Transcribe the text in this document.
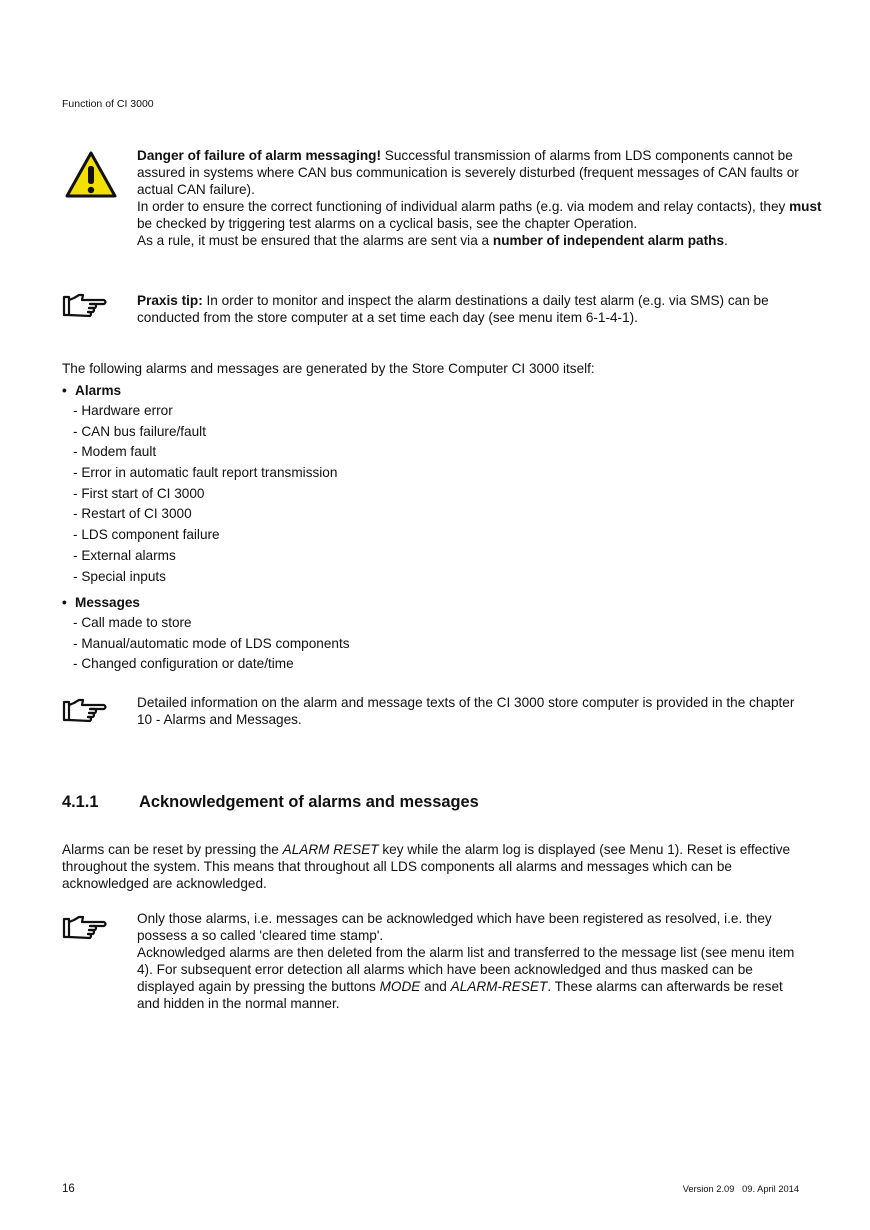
Function of CI 3000

Danger of failure of alarm messaging! Successful transmission of alarms from LDS components cannot be assured in systems where CAN bus communication is severely disturbed (frequent messages of CAN faults or actual CAN failure).

In order to ensure the correct functioning of individual alarm paths (e.g. via modem and relay contacts), they must be checked by triggering test alarms on a cyclical basis, see the chapter Operation.

As a rule, it must be ensured that the alarms are sent via a number of independent alarm paths.

Praxis tip: In order to monitor and inspect the alarm destinations a daily test alarm (e.g. via SMS) can be conducted from the store computer at a set time each day (see menu item 6-1-4-1).

The following alarms and messages are generated by the Store Computer CI 3000 itself:
• Alarms
- Hardware error
- CAN bus failure/fault
- Modem fault
- Error in automatic fault report transmission
- First start of CI 3000
- Restart of CI 3000
- LDS component failure
- External alarms
- Special inputs
• Messages
- Call made to store
- Manual/automatic mode of LDS components
- Changed configuration or date/time

Detailed information on the alarm and message texts of the CI 3000 store computer is provided in the chapter 10 - Alarms and Messages.

4.1.1 Acknowledgement of alarms and messages
Alarms can be reset by pressing the ALARM RESET key while the alarm log is displayed (see Menu 1). Reset is effective throughout the system. This means that throughout all LDS components all alarms and messages which can be acknowledged are acknowledged.

Only those alarms, i.e. messages can be acknowledged which have been registered as resolved, i.e. they possess a so called 'cleared time stamp'.

Acknowledged alarms are then deleted from the alarm list and transferred to the message list (see menu item 4). For subsequent error detection all alarms which have been acknowledged and thus masked can be displayed again by pressing the buttons MODE and ALARM-RESET. These alarms can afterwards be reset and hidden in the normal manner.

16	Version 2.09   09. April 2014
